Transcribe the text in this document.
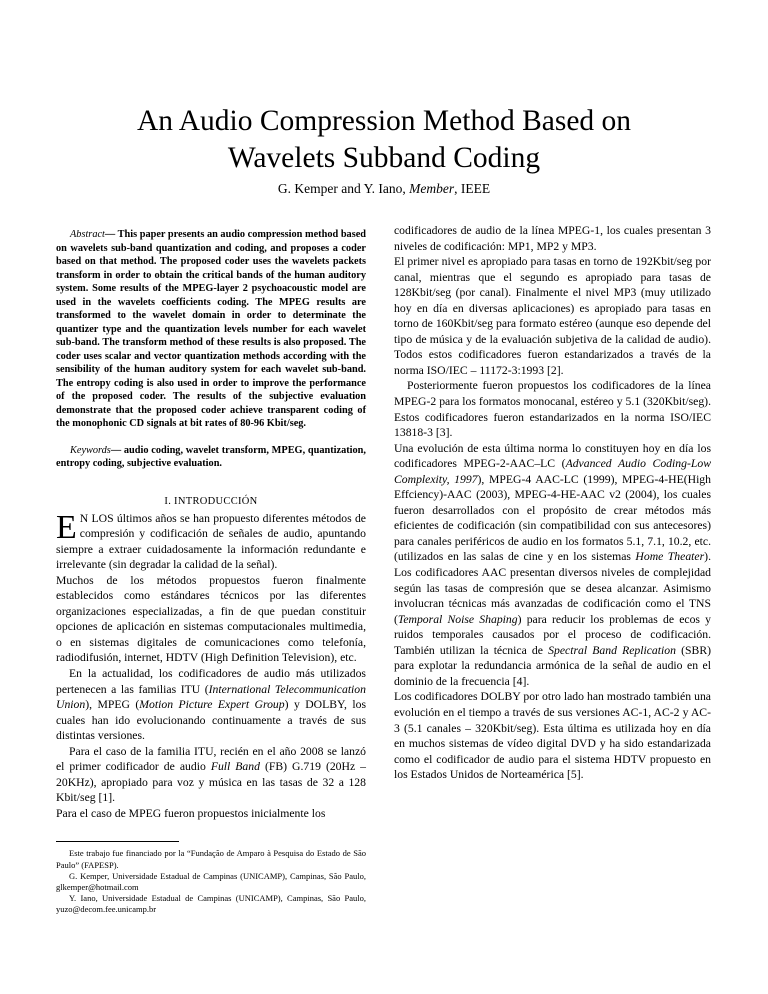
An Audio Compression Method Based on
Wavelets Subband Coding

G. Kemper and Y. Iano, Member, IEEE

Abstract— This paper presents an audio compression method based on wavelets sub-band quantization and coding, and proposes a coder based on that method. The proposed coder uses the wavelets packets transform in order to obtain the critical bands of the human auditory system. Some results of the MPEG-layer 2 psychoacoustic model are used in the wavelets coefficients coding. The MPEG results are transformed to the wavelet domain in order to determinate the quantizer type and the quantization levels number for each wavelet sub-band. The transform method of these results is also proposed. The coder uses scalar and vector quantization methods according with the sensibility of the human auditory system for each wavelet sub-band. The entropy coding is also used in order to improve the performance of the proposed coder. The results of the subjective evaluation demonstrate that the proposed coder achieve transparent coding of the monophonic CD signals at bit rates of 80-96 Kbit/seg.

Keywords— audio coding, wavelet transform, MPEG, quantization, entropy coding, subjective evaluation.

I. INTRODUCCIÓN

E N LOS últimos años se han propuesto diferentes métodos de compresión y codificación de señales de audio, apuntando siempre a extraer cuidadosamente la información redundante e irrelevante (sin degradar la calidad de la señal).

Muchos de los métodos propuestos fueron finalmente establecidos como estándares técnicos por las diferentes organizaciones especializadas, a fin de que puedan constituir opciones de aplicación en sistemas computacionales multimedia, o en sistemas digitales de comunicaciones como telefonía, radiodifusión, internet, HDTV (High Definition Television), etc.

En la actualidad, los codificadores de audio más utilizados pertenecen a las familias ITU (International Telecommunication Union), MPEG (Motion Picture Expert Group) y DOLBY, los cuales han ido evolucionando continuamente a través de sus distintas versiones.

Para el caso de la familia ITU, recién en el año 2008 se lanzó el primer codificador de audio Full Band (FB) G.719 (20Hz – 20KHz), apropiado para voz y música en las tasas de 32 a 128 Kbit/seg [1].

Para el caso de MPEG fueron propuestos inicialmente los

Este trabajo fue financiado por la “Fundação de Amparo à Pesquisa do Estado de São Paulo” (FAPESP).

G. Kemper, Universidade Estadual de Campinas (UNICAMP), Campinas, São Paulo, glkemper@hotmail.com

Y. Iano, Universidade Estadual de Campinas (UNICAMP), Campinas, São Paulo, yuzo@decom.fee.unicamp.br

codificadores de audio de la línea MPEG-1, los cuales presentan 3 niveles de codificación: MP1, MP2 y MP3.

El primer nivel es apropiado para tasas en torno de 192Kbit/seg por canal, mientras que el segundo es apropiado para tasas de 128Kbit/seg (por canal). Finalmente el nivel MP3 (muy utilizado hoy en día en diversas aplicaciones) es apropiado para tasas en torno de 160Kbit/seg para formato estéreo (aunque eso depende del tipo de música y de la evaluación subjetiva de la calidad de audio). Todos estos codificadores fueron estandarizados a través de la norma ISO/IEC – 11172-3:1993 [2].

Posteriormente fueron propuestos los codificadores de la línea MPEG-2 para los formatos monocanal, estéreo y 5.1 (320Kbit/seg). Estos codificadores fueron estandarizados en la norma ISO/IEC 13818-3 [3].

Una evolución de esta última norma lo constituyen hoy en día los codificadores MPEG-2-AAC–LC (Advanced Audio Coding-Low Complexity, 1997), MPEG-4 AAC-LC (1999), MPEG-4-HE(High Effciency)-AAC (2003), MPEG-4-HE-AAC v2 (2004), los cuales fueron desarrollados con el propósito de crear métodos más eficientes de codificación (sin compatibilidad con sus antecesores) para canales periféricos de audio en los formatos 5.1, 7.1, 10.2, etc. (utilizados en las salas de cine y en los sistemas Home Theater). Los codificadores AAC presentan diversos niveles de complejidad según las tasas de compresión que se desea alcanzar. Asimismo involucran técnicas más avanzadas de codificación como el TNS (Temporal Noise Shaping) para reducir los problemas de ecos y ruidos temporales causados por el proceso de codificación. También utilizan la técnica de Spectral Band Replication (SBR) para explotar la redundancia armónica de la señal de audio en el dominio de la frecuencia [4].

Los codificadores DOLBY por otro lado han mostrado también una evolución en el tiempo a través de sus versiones AC-1, AC-2 y AC-3 (5.1 canales – 320Kbit/seg). Esta última es utilizada hoy en día en muchos sistemas de vídeo digital DVD y ha sido estandarizada como el codificador de audio para el sistema HDTV propuesto en los Estados Unidos de Norteamérica [5].
